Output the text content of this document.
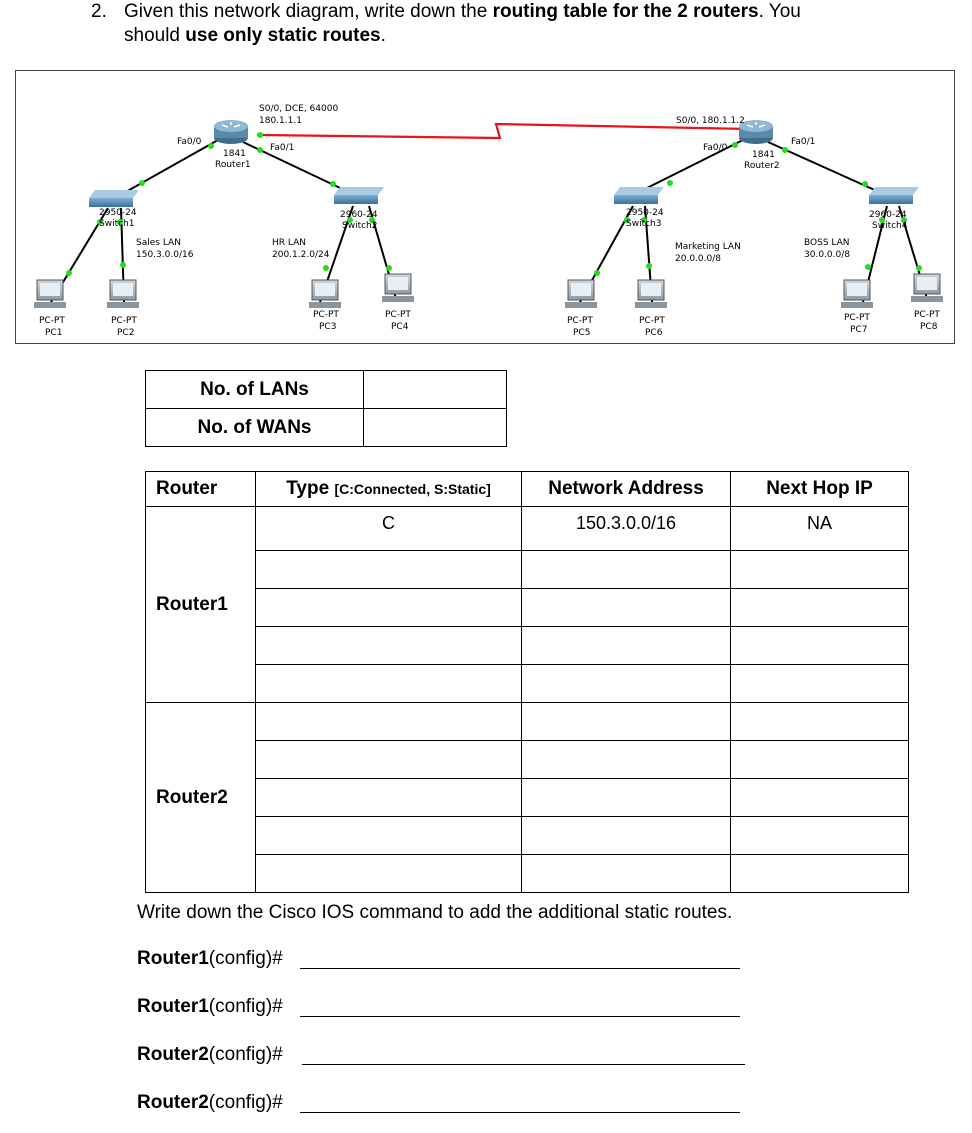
2. Given this network diagram, write down the routing table for the 2 routers. You
should use only static routes.
S0/0, DCE, 64000
180.1.1.1	S0/0, 180.1.1.2
Fa0/0
Fa0/1
1841
Router1
Fa0/0
Fa0/1
1841
Router2
2950-24
Switch1
2960-24
Switch2
2950-24
Switch3
2960-24
Switch4
Sales LAN
150.3.0.0/16
HR LAN
200.1.2.0/24
Marketing LAN
20.0.0.0/8
BOSS LAN
30.0.0.0/8
PC-PT
PC1
PC-PT
PC2
PC-PT
PC3
PC-PT
PC4
PC-PT
PC5
PC-PT
PC6
PC-PT
PC7
PC-PT
PC8
No. of LANs	
No. of WANs	
Router	Type [C:Connected, S:Static]	Network Address	Next Hop IP
Router1	C	150.3.0.0/16	NA

Router2			

Write down the Cisco IOS command to add the additional static routes.
Router1(config)#
Router1(config)#
Router2(config)#
Router2(config)#
